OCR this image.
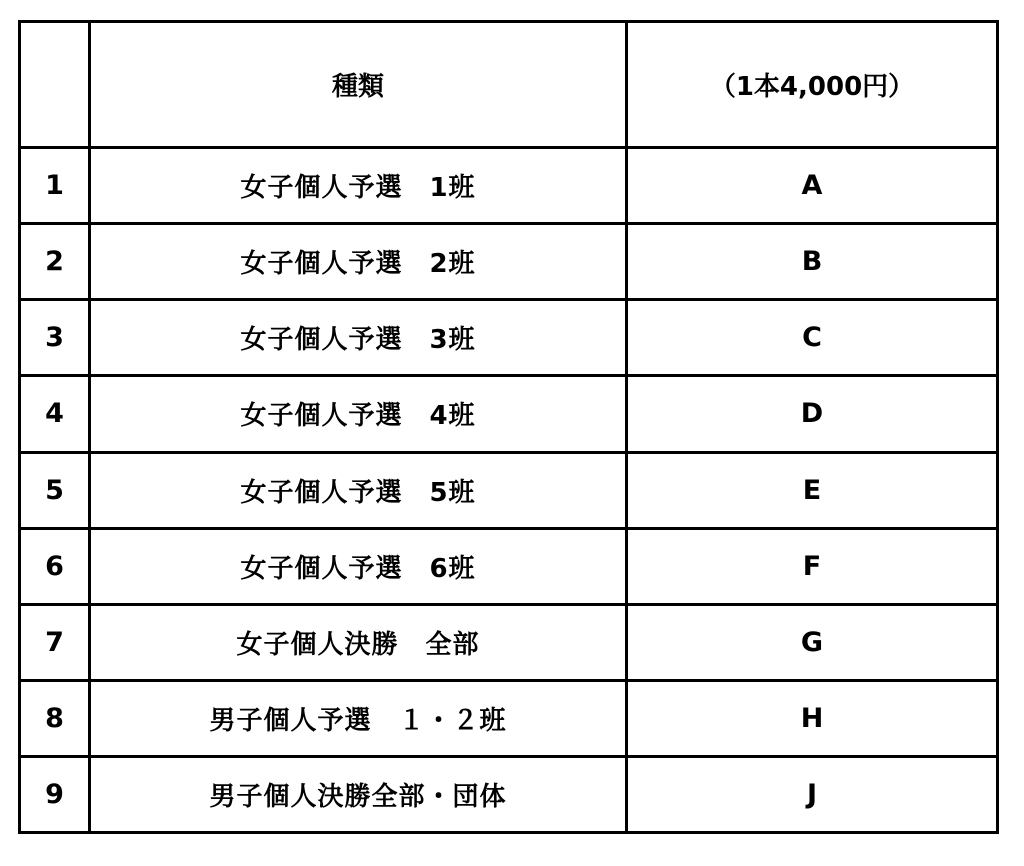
	種類	（1本4,000円）
1	女子個人予選　1班	A
2	女子個人予選　2班	B
3	女子個人予選　3班	C
4	女子個人予選　4班	D
5	女子個人予選　5班	E
6	女子個人予選　6班	F
7	女子個人決勝　全部	G
8	男子個人予選　１・２班	H
9	男子個人決勝全部・団体	J
